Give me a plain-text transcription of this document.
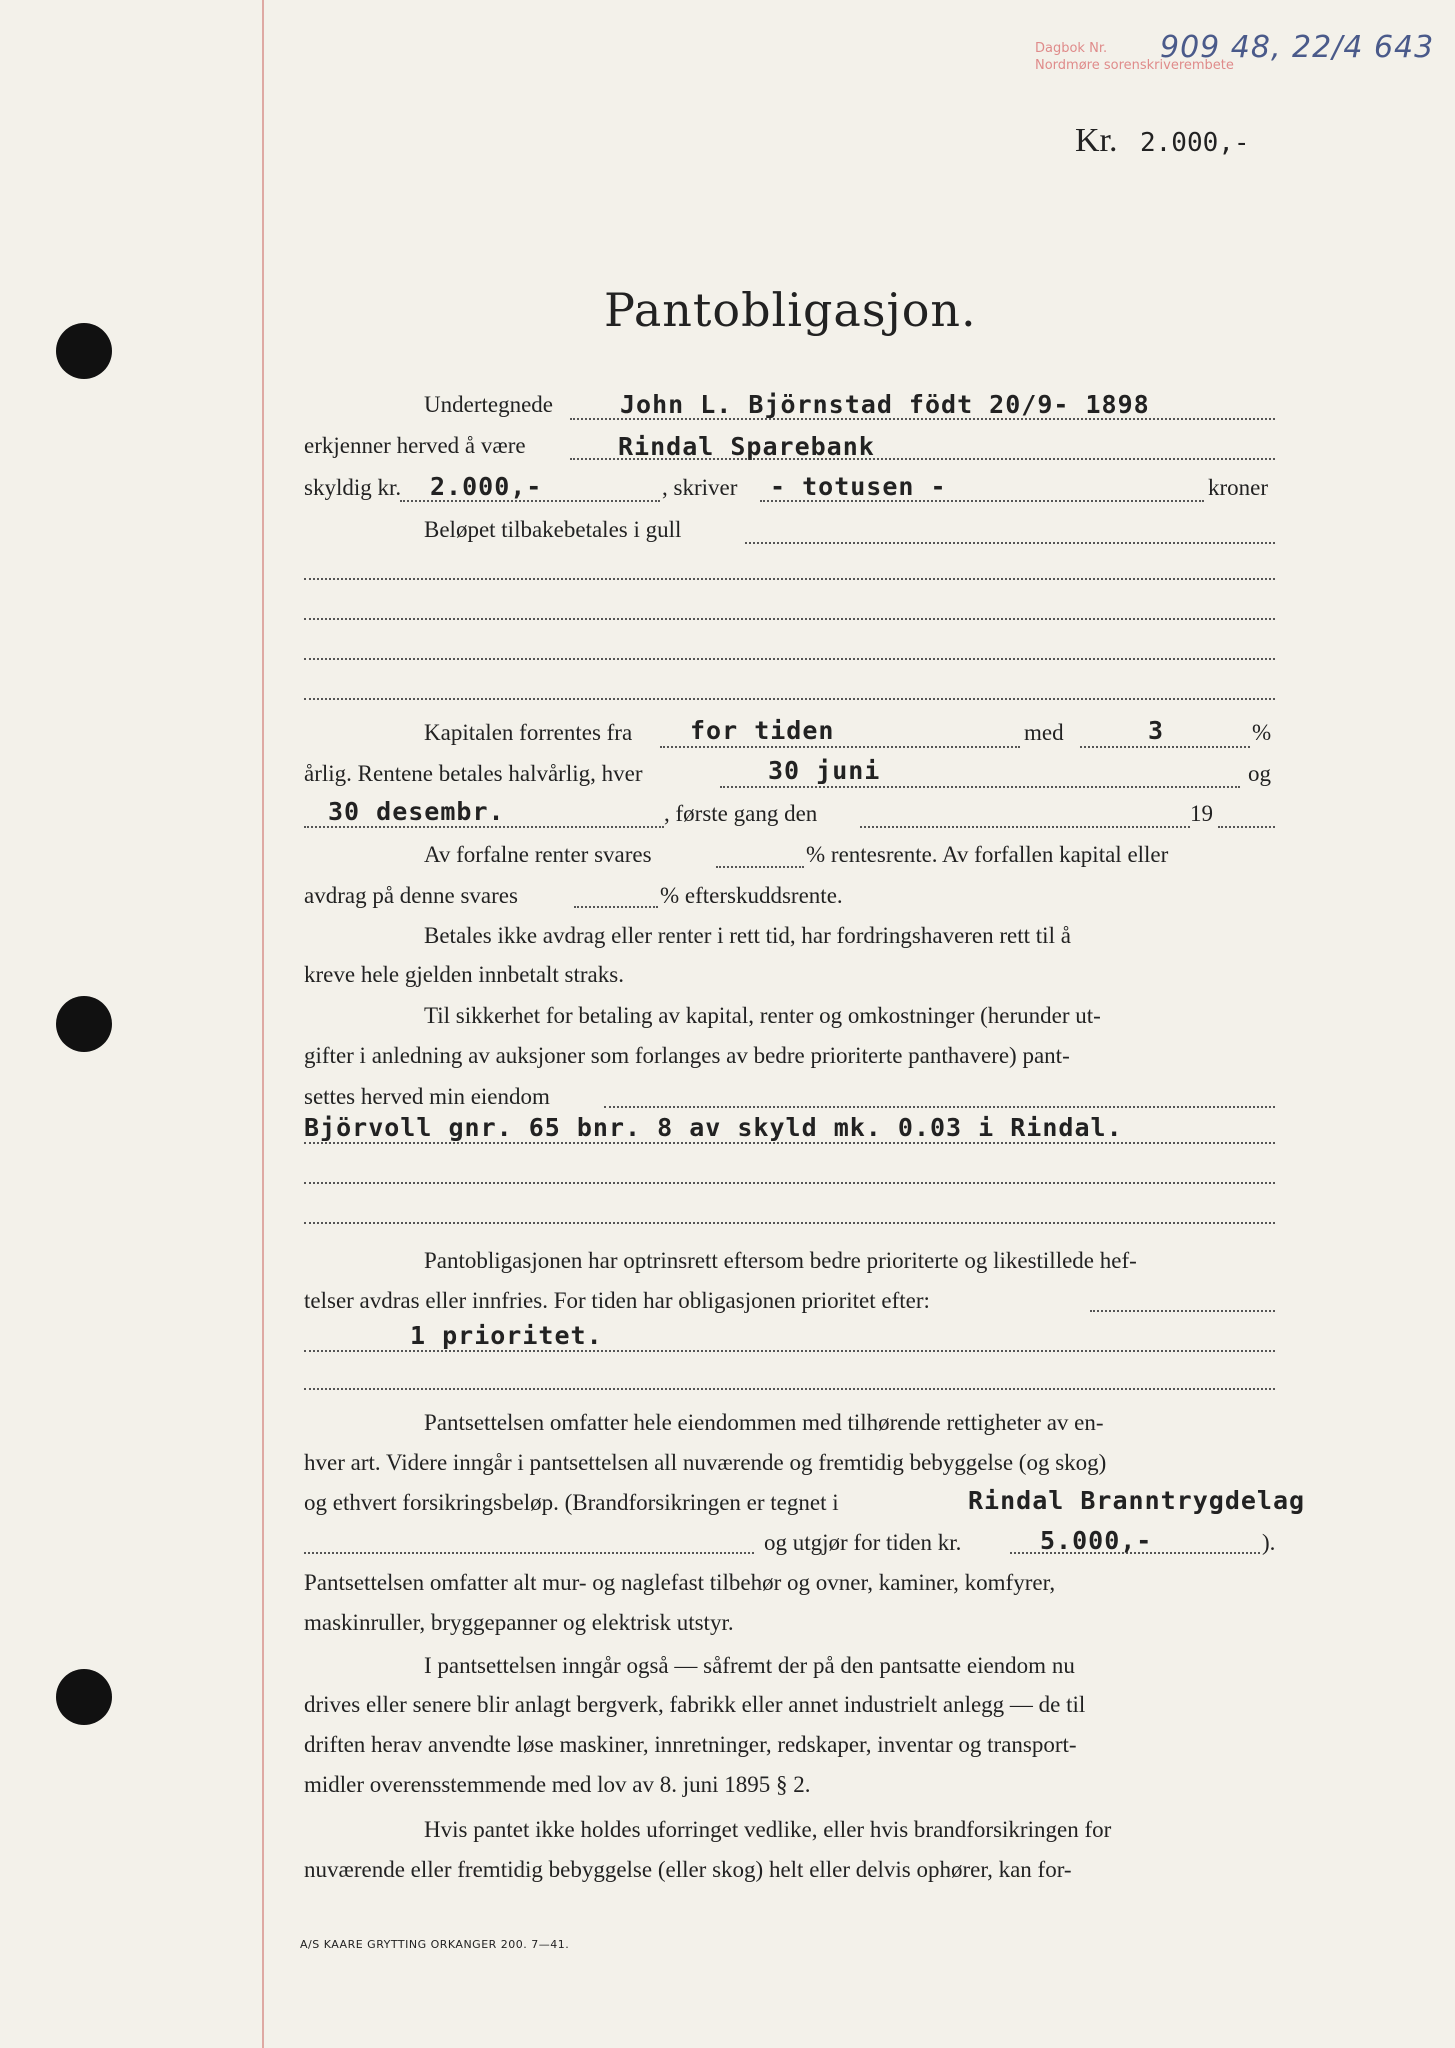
Dagbok Nr.
Nordmøre sorenskriverembete
909 48, 22/4 643
Kr. 2.000,-
Pantobligasjon.
Undertegnede	John L. Björnstad födt 20/9- 1898
erkjenner herved å være	Rindal Sparebank
skyldig kr. 2.000,-	, skriver - totusen -	kroner
Beløpet tilbakebetales i gull
Kapitalen forrentes fra for tiden	med	3	%
årlig. Rentene betales halvårlig, hver	30 juni	og
30 desembr.	, første gang den	19
Av forfalne renter svares	% rentesrente. Av forfallen kapital eller
avdrag på denne svares	% efterskuddsrente.
Betales ikke avdrag eller renter i rett tid, har fordringshaveren rett til å
kreve hele gjelden innbetalt straks.
Til sikkerhet for betaling av kapital, renter og omkostninger (herunder ut-
gifter i anledning av auksjoner som forlanges av bedre prioriterte panthavere) pant-
settes herved min eiendom
Björvoll gnr. 65 bnr. 8 av skyld mk. 0.03 i Rindal.
Pantobligasjonen har optrinsrett eftersom bedre prioriterte og likestillede hef-
telser avdras eller innfries. For tiden har obligasjonen prioritet efter:
1 prioritet.
Pantsettelsen omfatter hele eiendommen med tilhørende rettigheter av en-
hver art. Videre inngår i pantsettelsen all nuværende og fremtidig bebyggelse (og skog)
og ethvert forsikringsbeløp. (Brandforsikringen er tegnet i	Rindal Branntrygdelag
og utgjør for tiden kr.	5.000,-	).
Pantsettelsen omfatter alt mur- og naglefast tilbehør og ovner, kaminer, komfyrer,
maskinruller, bryggepanner og elektrisk utstyr.
I pantsettelsen inngår også — såfremt der på den pantsatte eiendom nu
drives eller senere blir anlagt bergverk, fabrikk eller annet industrielt anlegg — de til
driften herav anvendte løse maskiner, innretninger, redskaper, inventar og transport-
midler overensstemmende med lov av 8. juni 1895 § 2.
Hvis pantet ikke holdes uforringet vedlike, eller hvis brandforsikringen for
nuværende eller fremtidig bebyggelse (eller skog) helt eller delvis ophører, kan for-
A/S KAARE GRYTTING ORKANGER 200. 7—41.
